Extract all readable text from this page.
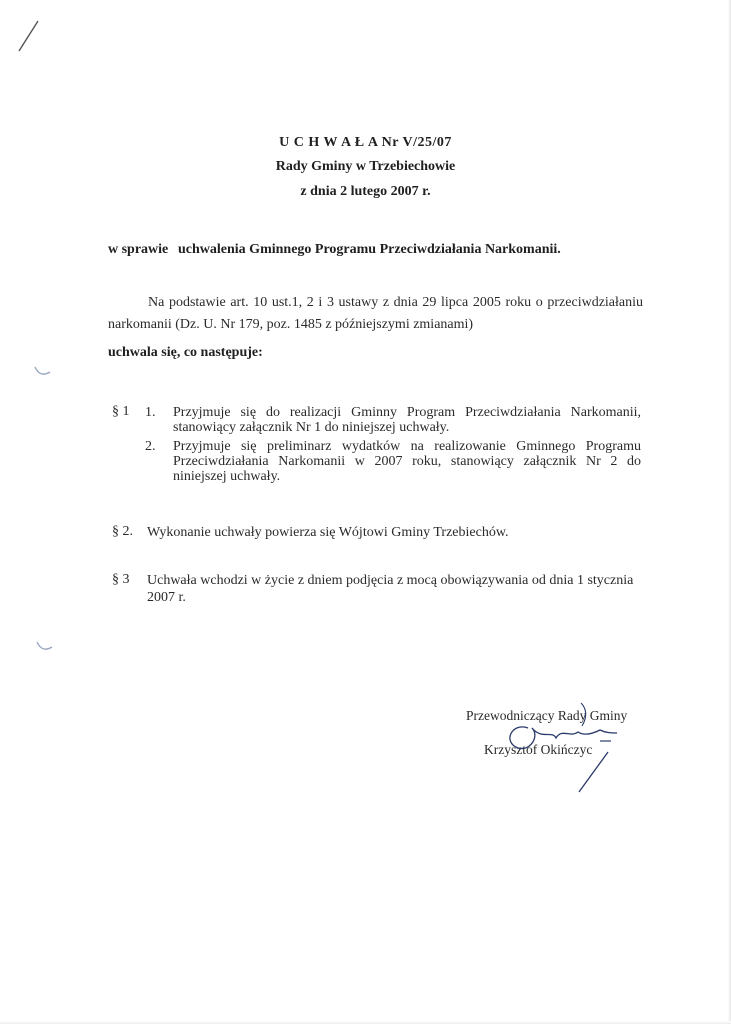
U C H W A Ł A Nr V/25/07
Rady Gminy w Trzebiechowie
z dnia 2 lutego 2007 r.
w sprawie uchwalenia Gminnego Programu Przeciwdziałania Narkomanii.

Na podstawie art. 10 ust.1, 2 i 3 ustawy z dnia 29 lipca 2005 roku o przeciwdziałaniu narkomanii (Dz. U. Nr 179, poz. 1485 z późniejszymi zmianami)

uchwala się, co następuje:
§ 1 1. Przyjmuje się do realizacji Gminny Program Przeciwdziałania Narkomanii, stanowiący załącznik Nr 1 do niniejszej uchwały.
2. Przyjmuje się preliminarz wydatków na realizowanie Gminnego Programu Przeciwdziałania Narkomanii w 2007 roku, stanowiący załącznik Nr 2 do niniejszej uchwały.
§ 2. Wykonanie uchwały powierza się Wójtowi Gminy Trzebiechów.
§ 3 Uchwała wchodzi w życie z dniem podjęcia z mocą obowiązywania od dnia 1 stycznia 2007 r.
Przewodniczący Rady Gminy
Krzysztof Okińczyc
